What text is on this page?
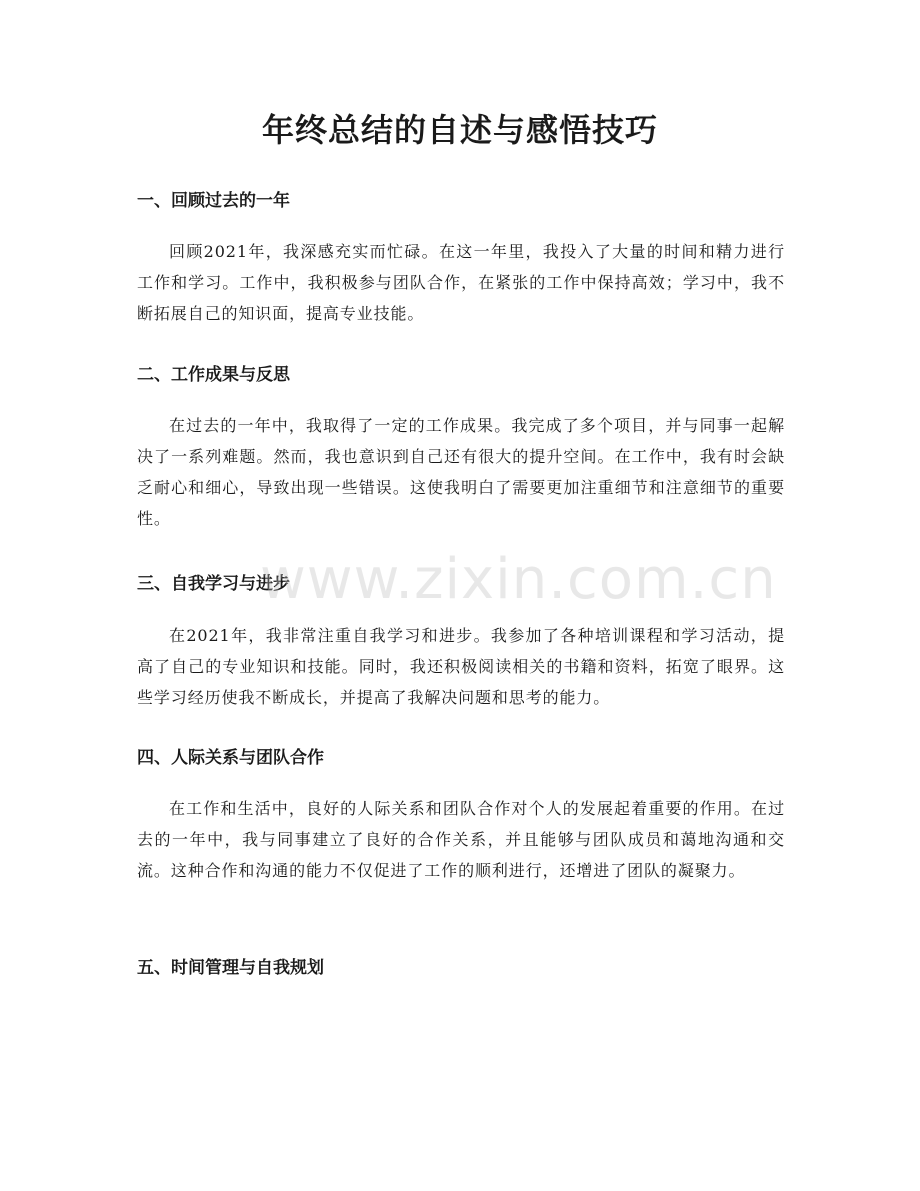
年终总结的自述与感悟技巧
一、回顾过去的一年

回顾2021年，我深感充实而忙碌。在这一年里，我投入了大量的时间和精力进行工作和学习。工作中，我积极参与团队合作，在紧张的工作中保持高效；学习中，我不断拓展自己的知识面，提高专业技能。

二、工作成果与反思

在过去的一年中，我取得了一定的工作成果。我完成了多个项目，并与同事一起解决了一系列难题。然而，我也意识到自己还有很大的提升空间。在工作中，我有时会缺乏耐心和细心，导致出现一些错误。这使我明白了需要更加注重细节和注意细节的重要性。

三、自我学习与进步

在2021年，我非常注重自我学习和进步。我参加了各种培训课程和学习活动，提高了自己的专业知识和技能。同时，我还积极阅读相关的书籍和资料，拓宽了眼界。这些学习经历使我不断成长，并提高了我解决问题和思考的能力。

四、人际关系与团队合作

在工作和生活中，良好的人际关系和团队合作对个人的发展起着重要的作用。在过去的一年中，我与同事建立了良好的合作关系，并且能够与团队成员和蔼地沟通和交流。这种合作和沟通的能力不仅促进了工作的顺利进行，还增进了团队的凝聚力。

五、时间管理与自我规划
www.zixin.com.cn
